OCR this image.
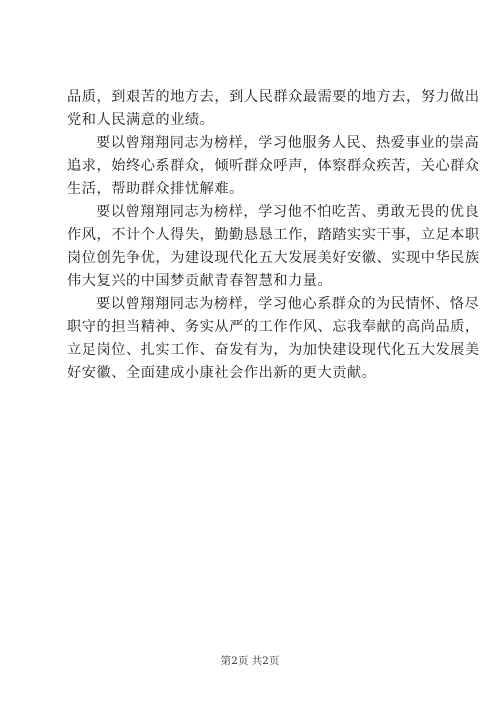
品质，到艰苦的地方去，到人民群众最需要的地方去，努力做出
党和人民满意的业绩。

要以曾翔翔同志为榜样，学习他服务人民、热爱事业的崇高
追求，始终心系群众，倾听群众呼声，体察群众疾苦，关心群众
生活，帮助群众排忧解难。

要以曾翔翔同志为榜样，学习他不怕吃苦、勇敢无畏的优良
作风，不计个人得失，勤勤恳恳工作，踏踏实实干事，立足本职
岗位创先争优，为建设现代化五大发展美好安徽、实现中华民族
伟大复兴的中国梦贡献青春智慧和力量。

要以曾翔翔同志为榜样，学习他心系群众的为民情怀、恪尽
职守的担当精神、务实从严的工作作风、忘我奉献的高尚品质，
立足岗位、扎实工作、奋发有为，为加快建设现代化五大发展美
好安徽、全面建成小康社会作出新的更大贡献。

第2页 共2页
